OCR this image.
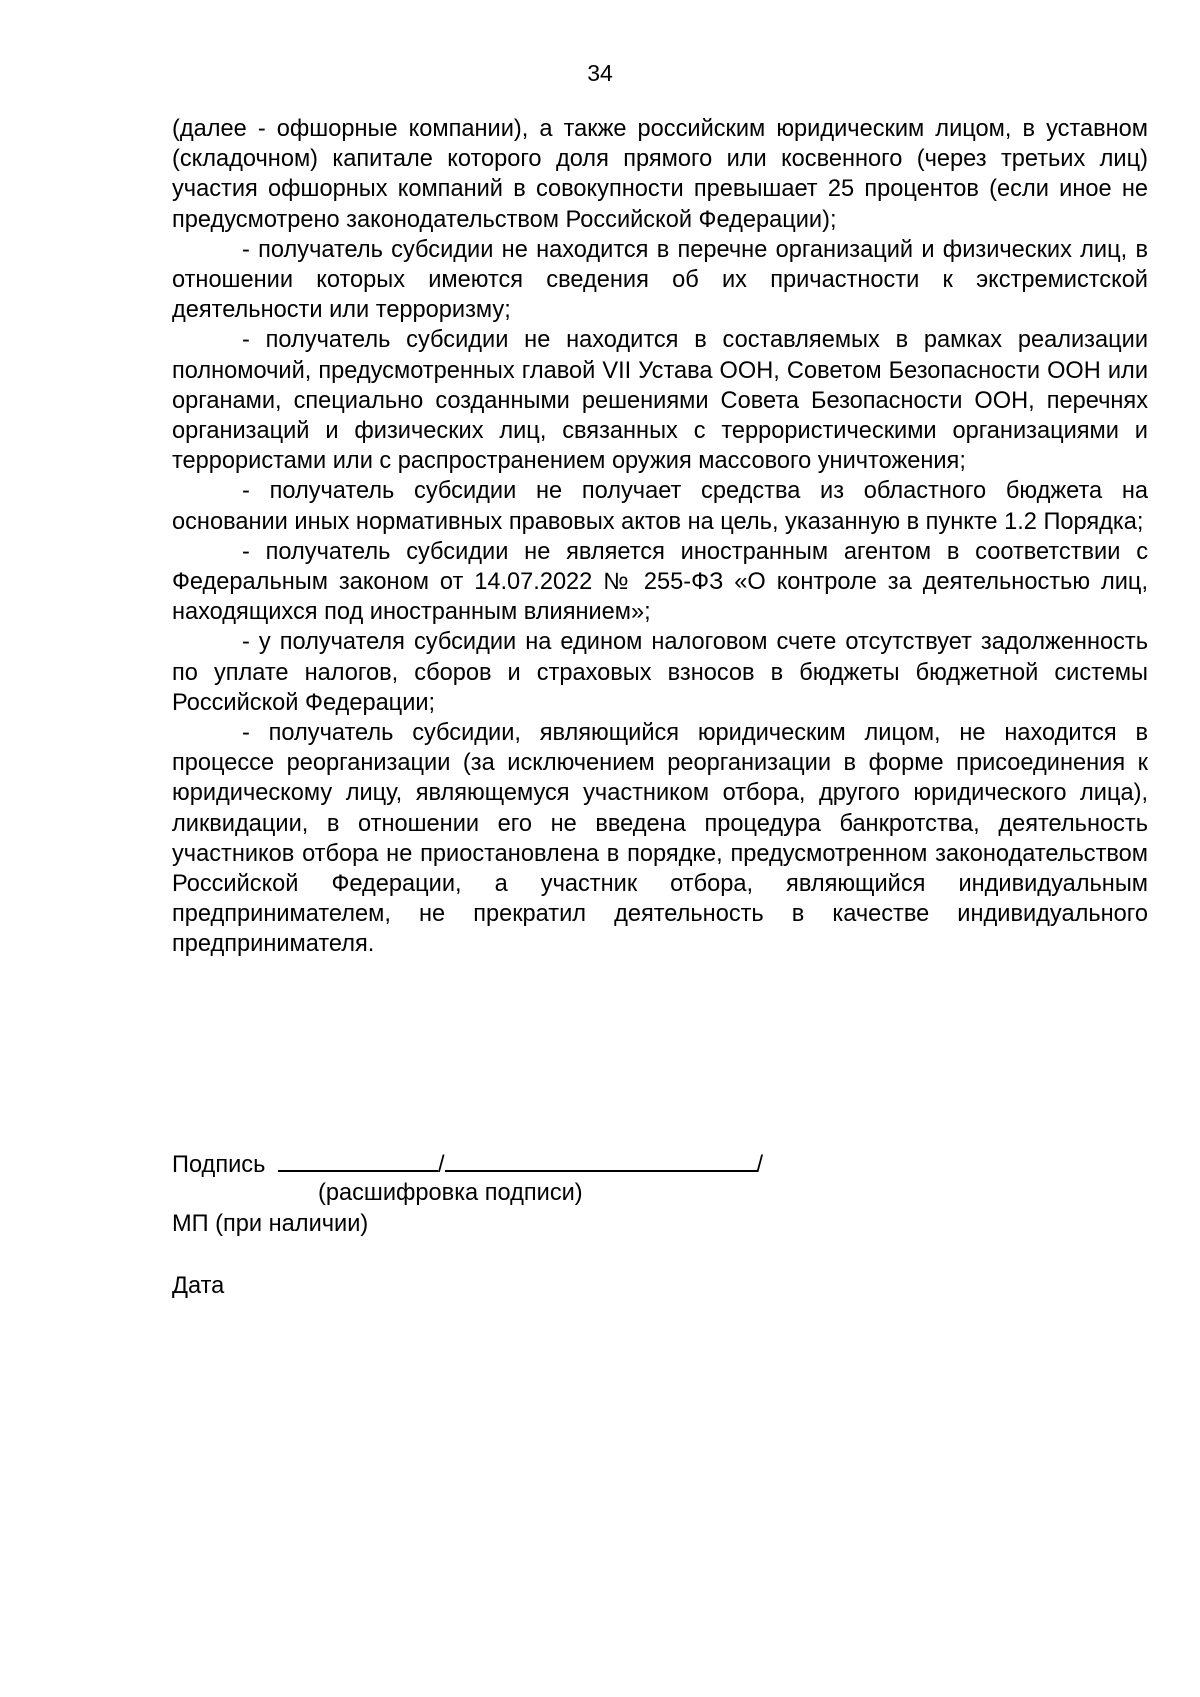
34

(далее - офшорные компании), а также российским юридическим лицом, в уставном (складочном) капитале которого доля прямого или косвенного (через третьих лиц) участия офшорных компаний в совокупности превышает 25 процентов (если иное не предусмотрено законодательством Российской Федерации);

- получатель субсидии не находится в перечне организаций и физических лиц, в отношении которых имеются сведения об их причастности к экстремистской деятельности или терроризму;

- получатель субсидии не находится в составляемых в рамках реализации полномочий, предусмотренных главой VII Устава ООН, Советом Безопасности ООН или органами, специально созданными решениями Совета Безопасности ООН, перечнях организаций и физических лиц, связанных с террористическими организациями и террористами или с распространением оружия массового уничтожения;

- получатель субсидии не получает средства из областного бюджета на основании иных нормативных правовых актов на цель, указанную в пункте 1.2 Порядка;

- получатель субсидии не является иностранным агентом в соответствии с Федеральным законом от 14.07.2022 № 255-ФЗ «О контроле за деятельностью лиц, находящихся под иностранным влиянием»;

- у получателя субсидии на едином налоговом счете отсутствует задолженность по уплате налогов, сборов и страховых взносов в бюджеты бюджетной системы Российской Федерации;

- получатель субсидии, являющийся юридическим лицом, не находится в процессе реорганизации (за исключением реорганизации в форме присоединения к юридическому лицу, являющемуся участником отбора, другого юридического лица), ликвидации, в отношении его не введена процедура банкротства, деятельность участников отбора не приостановлена в порядке, предусмотренном законодательством Российской Федерации, а участник отбора, являющийся индивидуальным предпринимателем, не прекратил деятельность в качестве индивидуального предпринимателя.

Подпись	/	/
(расшифровка подписи)
МП (при наличии)
Дата
